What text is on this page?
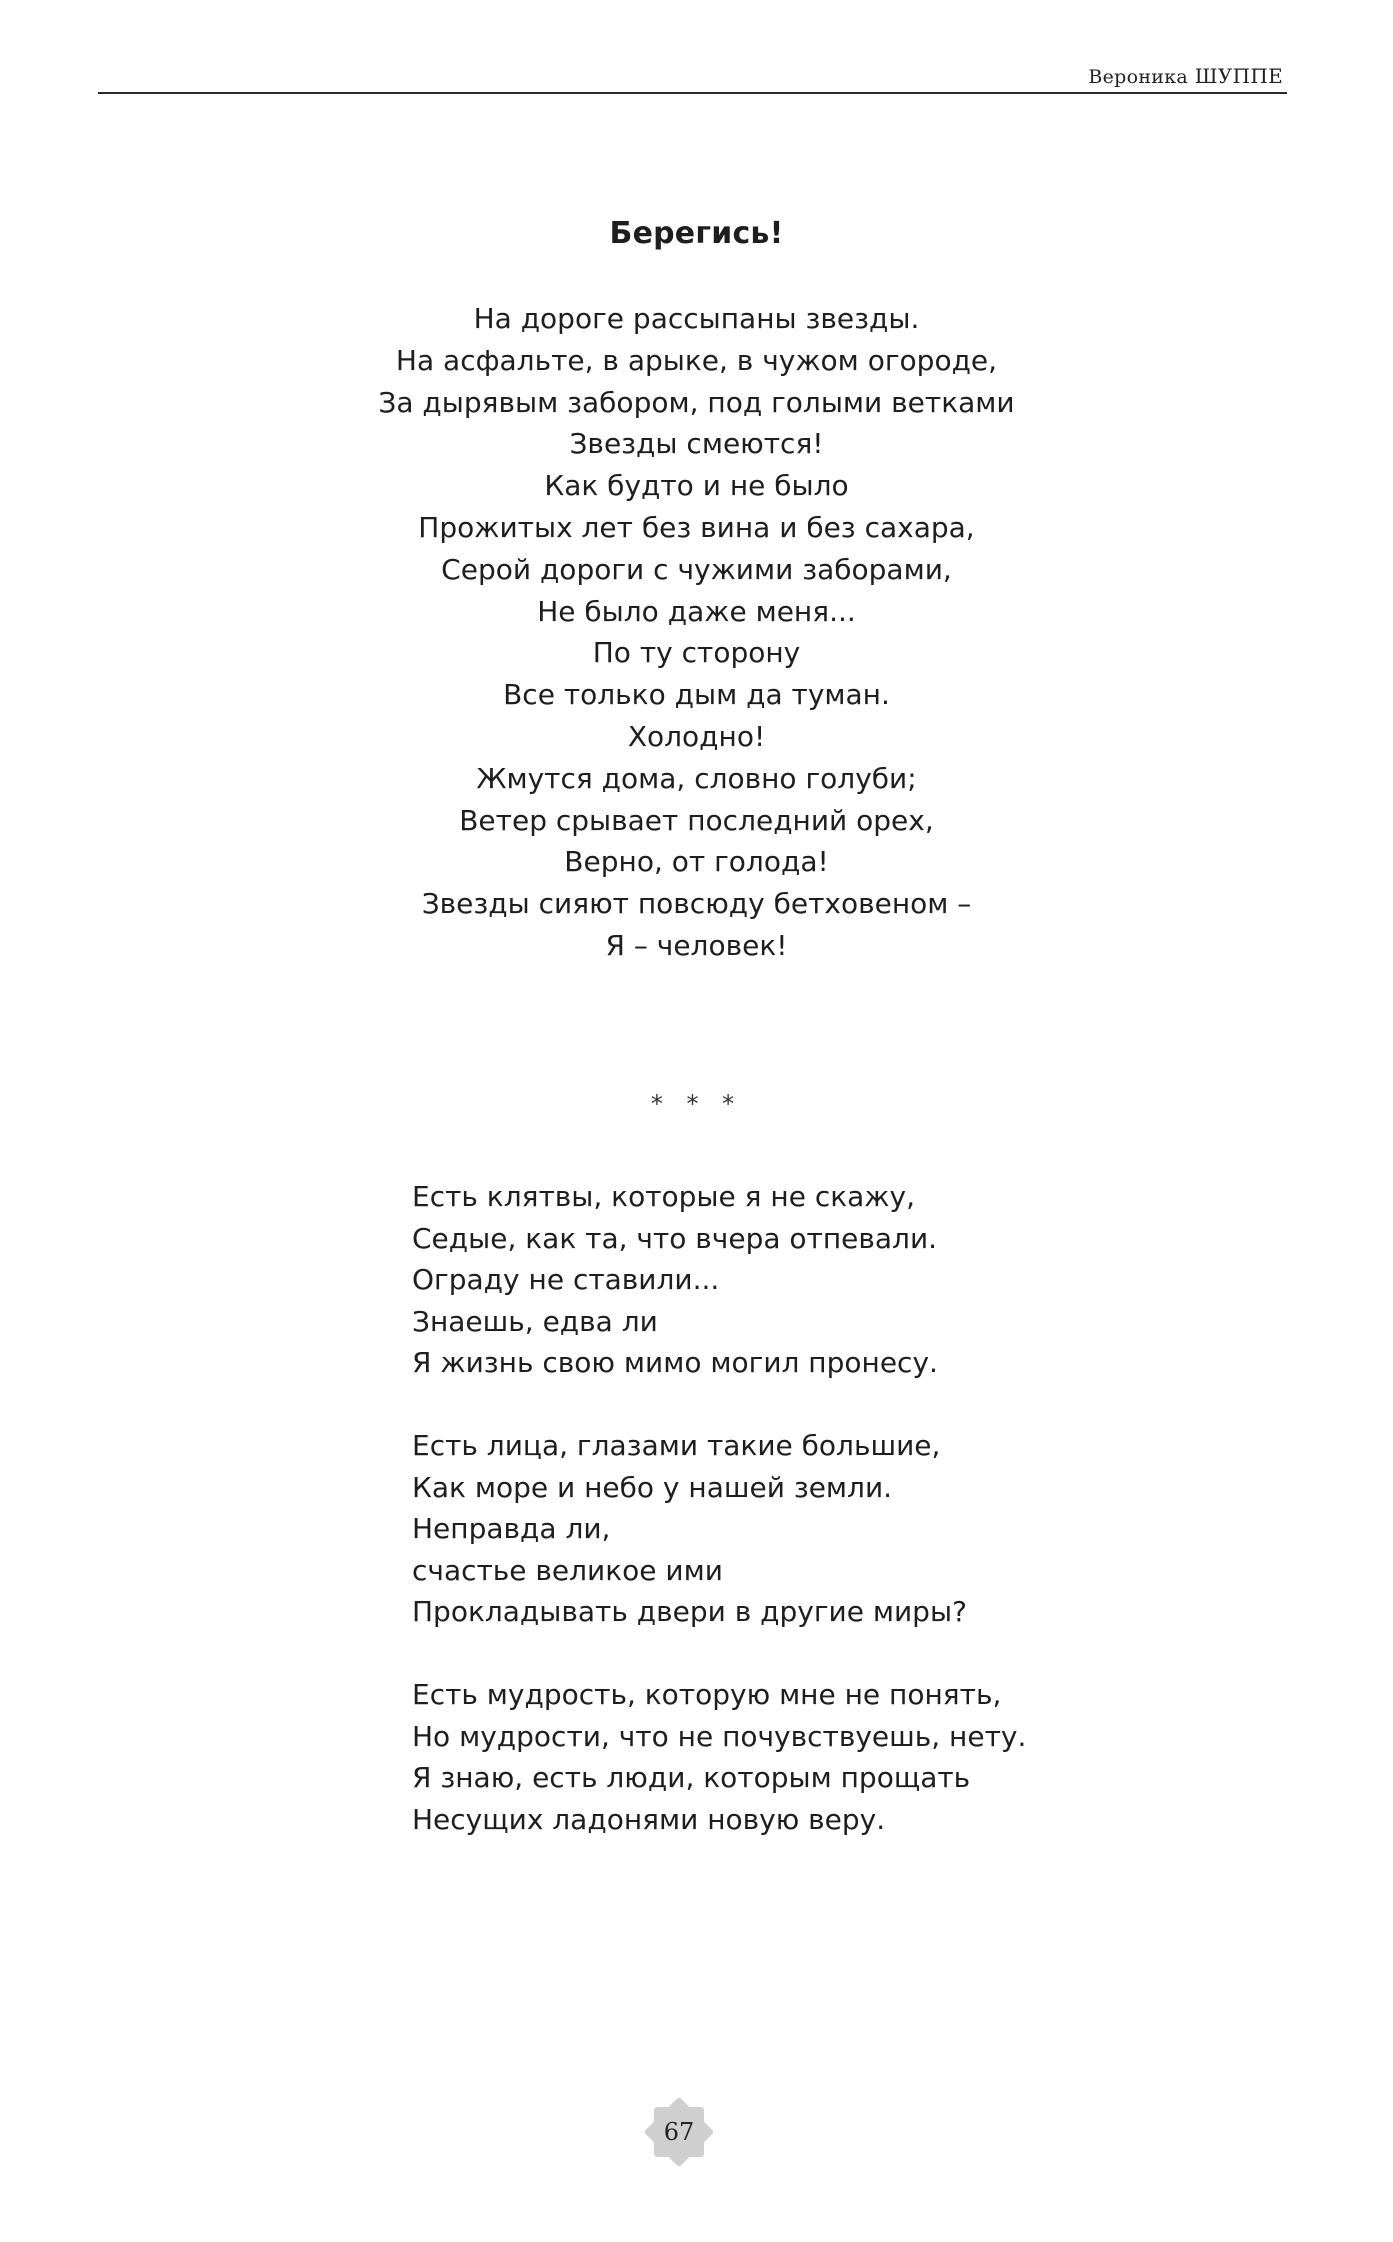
Вероника ШУППЕ
Берегись!
На дороге рассыпаны звезды.
На асфальте, в арыке, в чужом огороде,
За дырявым забором, под голыми ветками
Звезды смеются!
Как будто и не было
Прожитых лет без вина и без сахара,
Серой дороги с чужими заборами,
Не было даже меня...
По ту сторону
Все только дым да туман.
Холодно!
Жмутся дома, словно голуби;
Ветер срывает последний орех,
Верно, от голода!
Звезды сияют повсюду бетховеном –
Я – человек!
* * *
Есть клятвы, которые я не скажу,
Седые, как та, что вчера отпевали.
Ограду не ставили...
Знаешь, едва ли
Я жизнь свою мимо могил пронесу.
Есть лица, глазами такие большие,
Как море и небо у нашей земли.
Неправда ли,
счастье великое ими
Прокладывать двери в другие миры?
Есть мудрость, которую мне не понять,
Но мудрости, что не почувствуешь, нету.
Я знаю, есть люди, которым прощать
Несущих ладонями новую веру.
67
